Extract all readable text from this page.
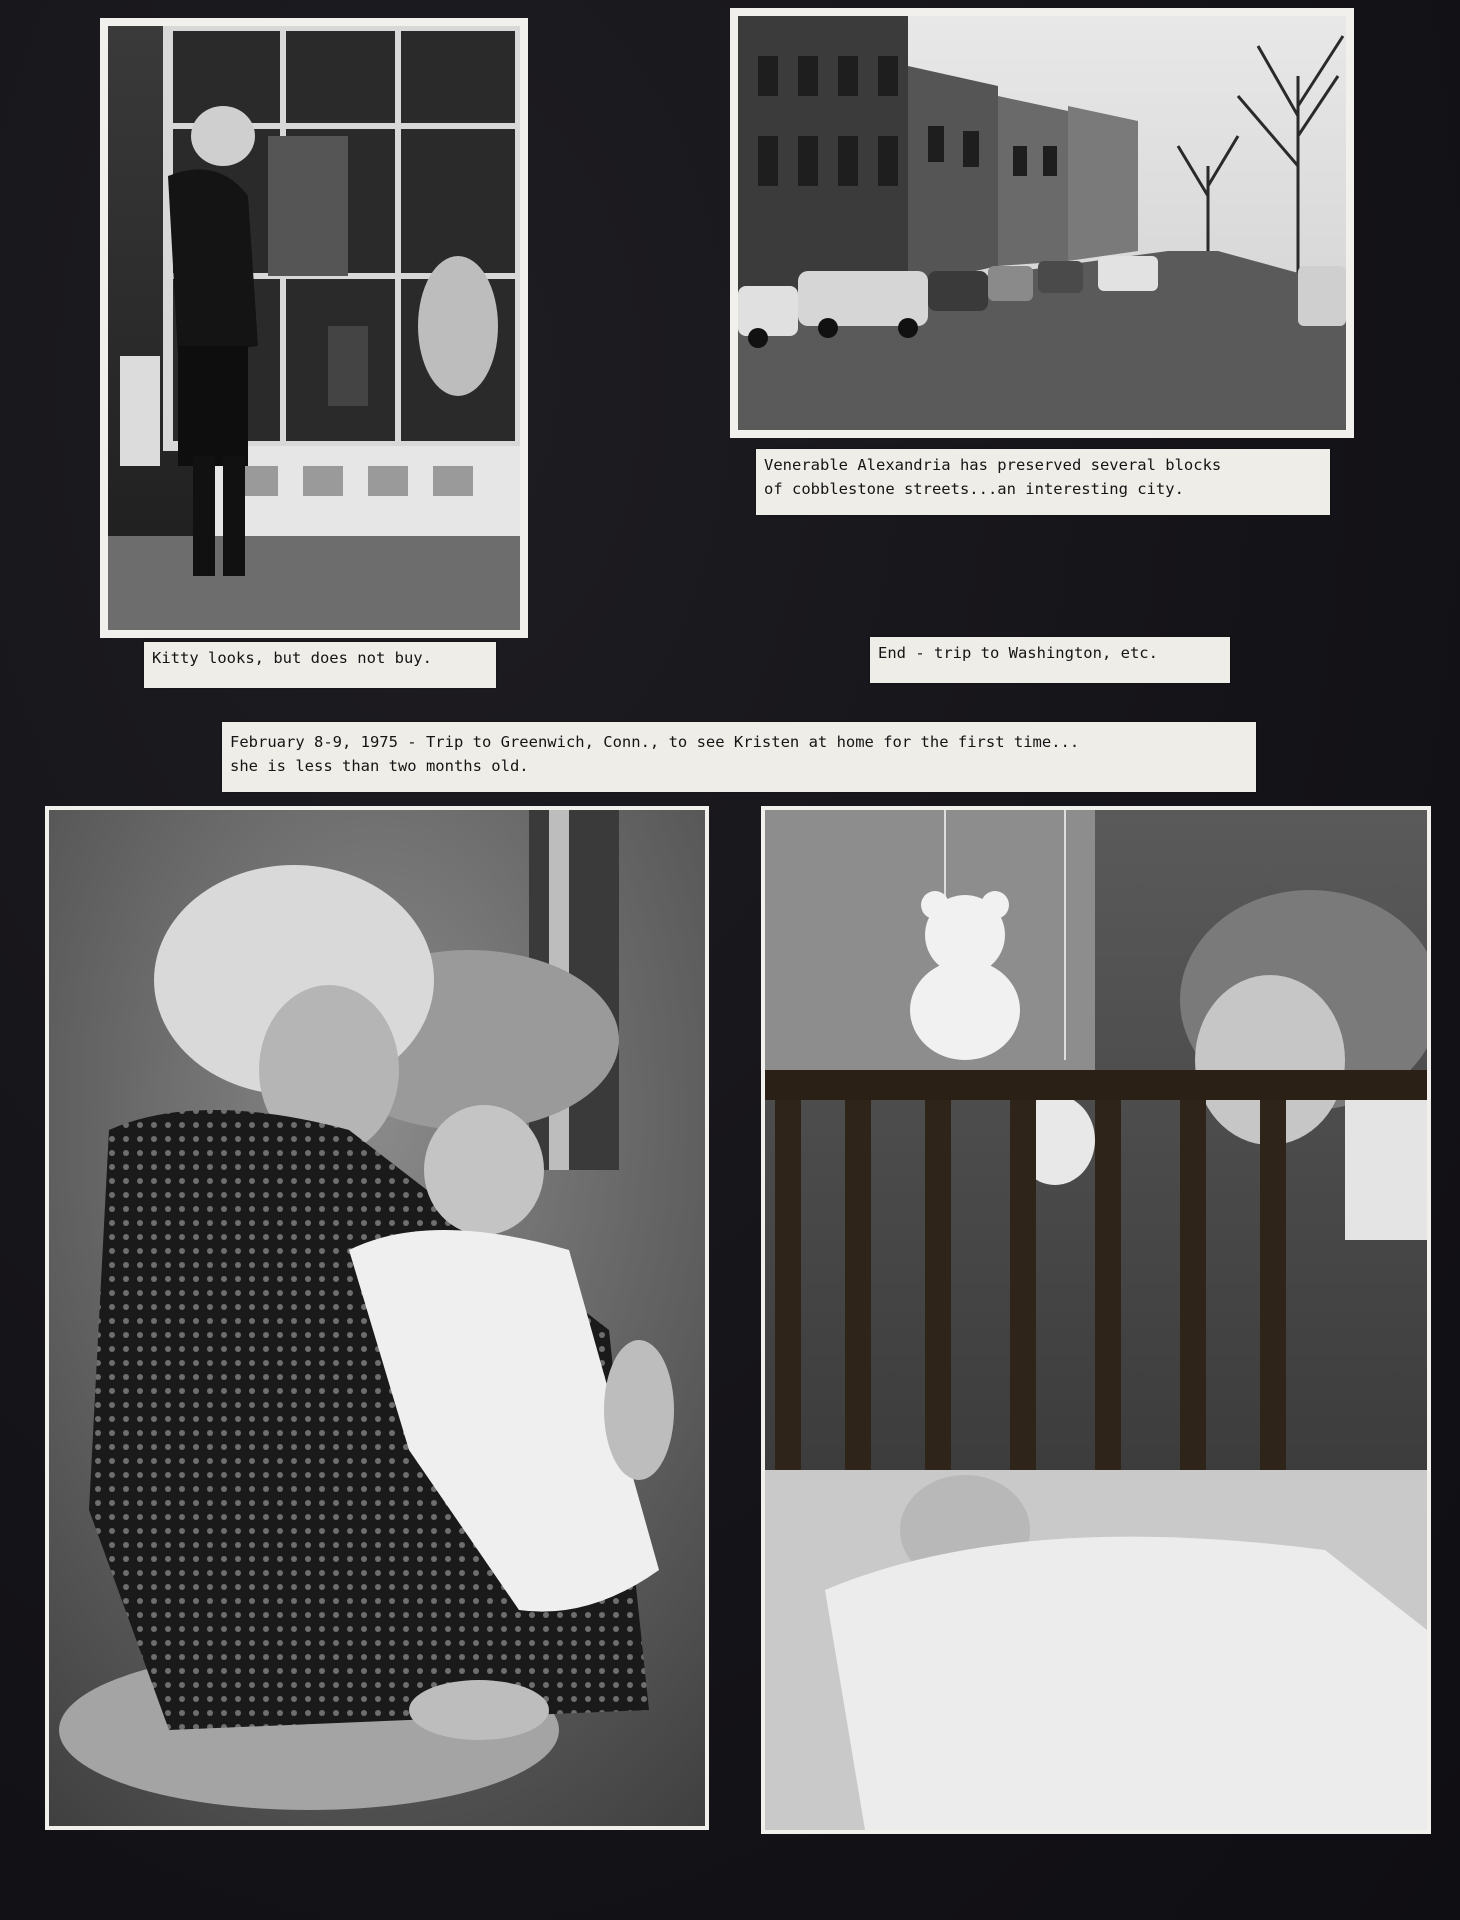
Venerable Alexandria has preserved several blocks
of cobblestone streets...an interesting city.
Kitty looks, but does not buy.	End - trip to Washington, etc.
February 8-9, 1975 - Trip to Greenwich, Conn., to see Kristen at home for the first time...
she is less than two months old.
